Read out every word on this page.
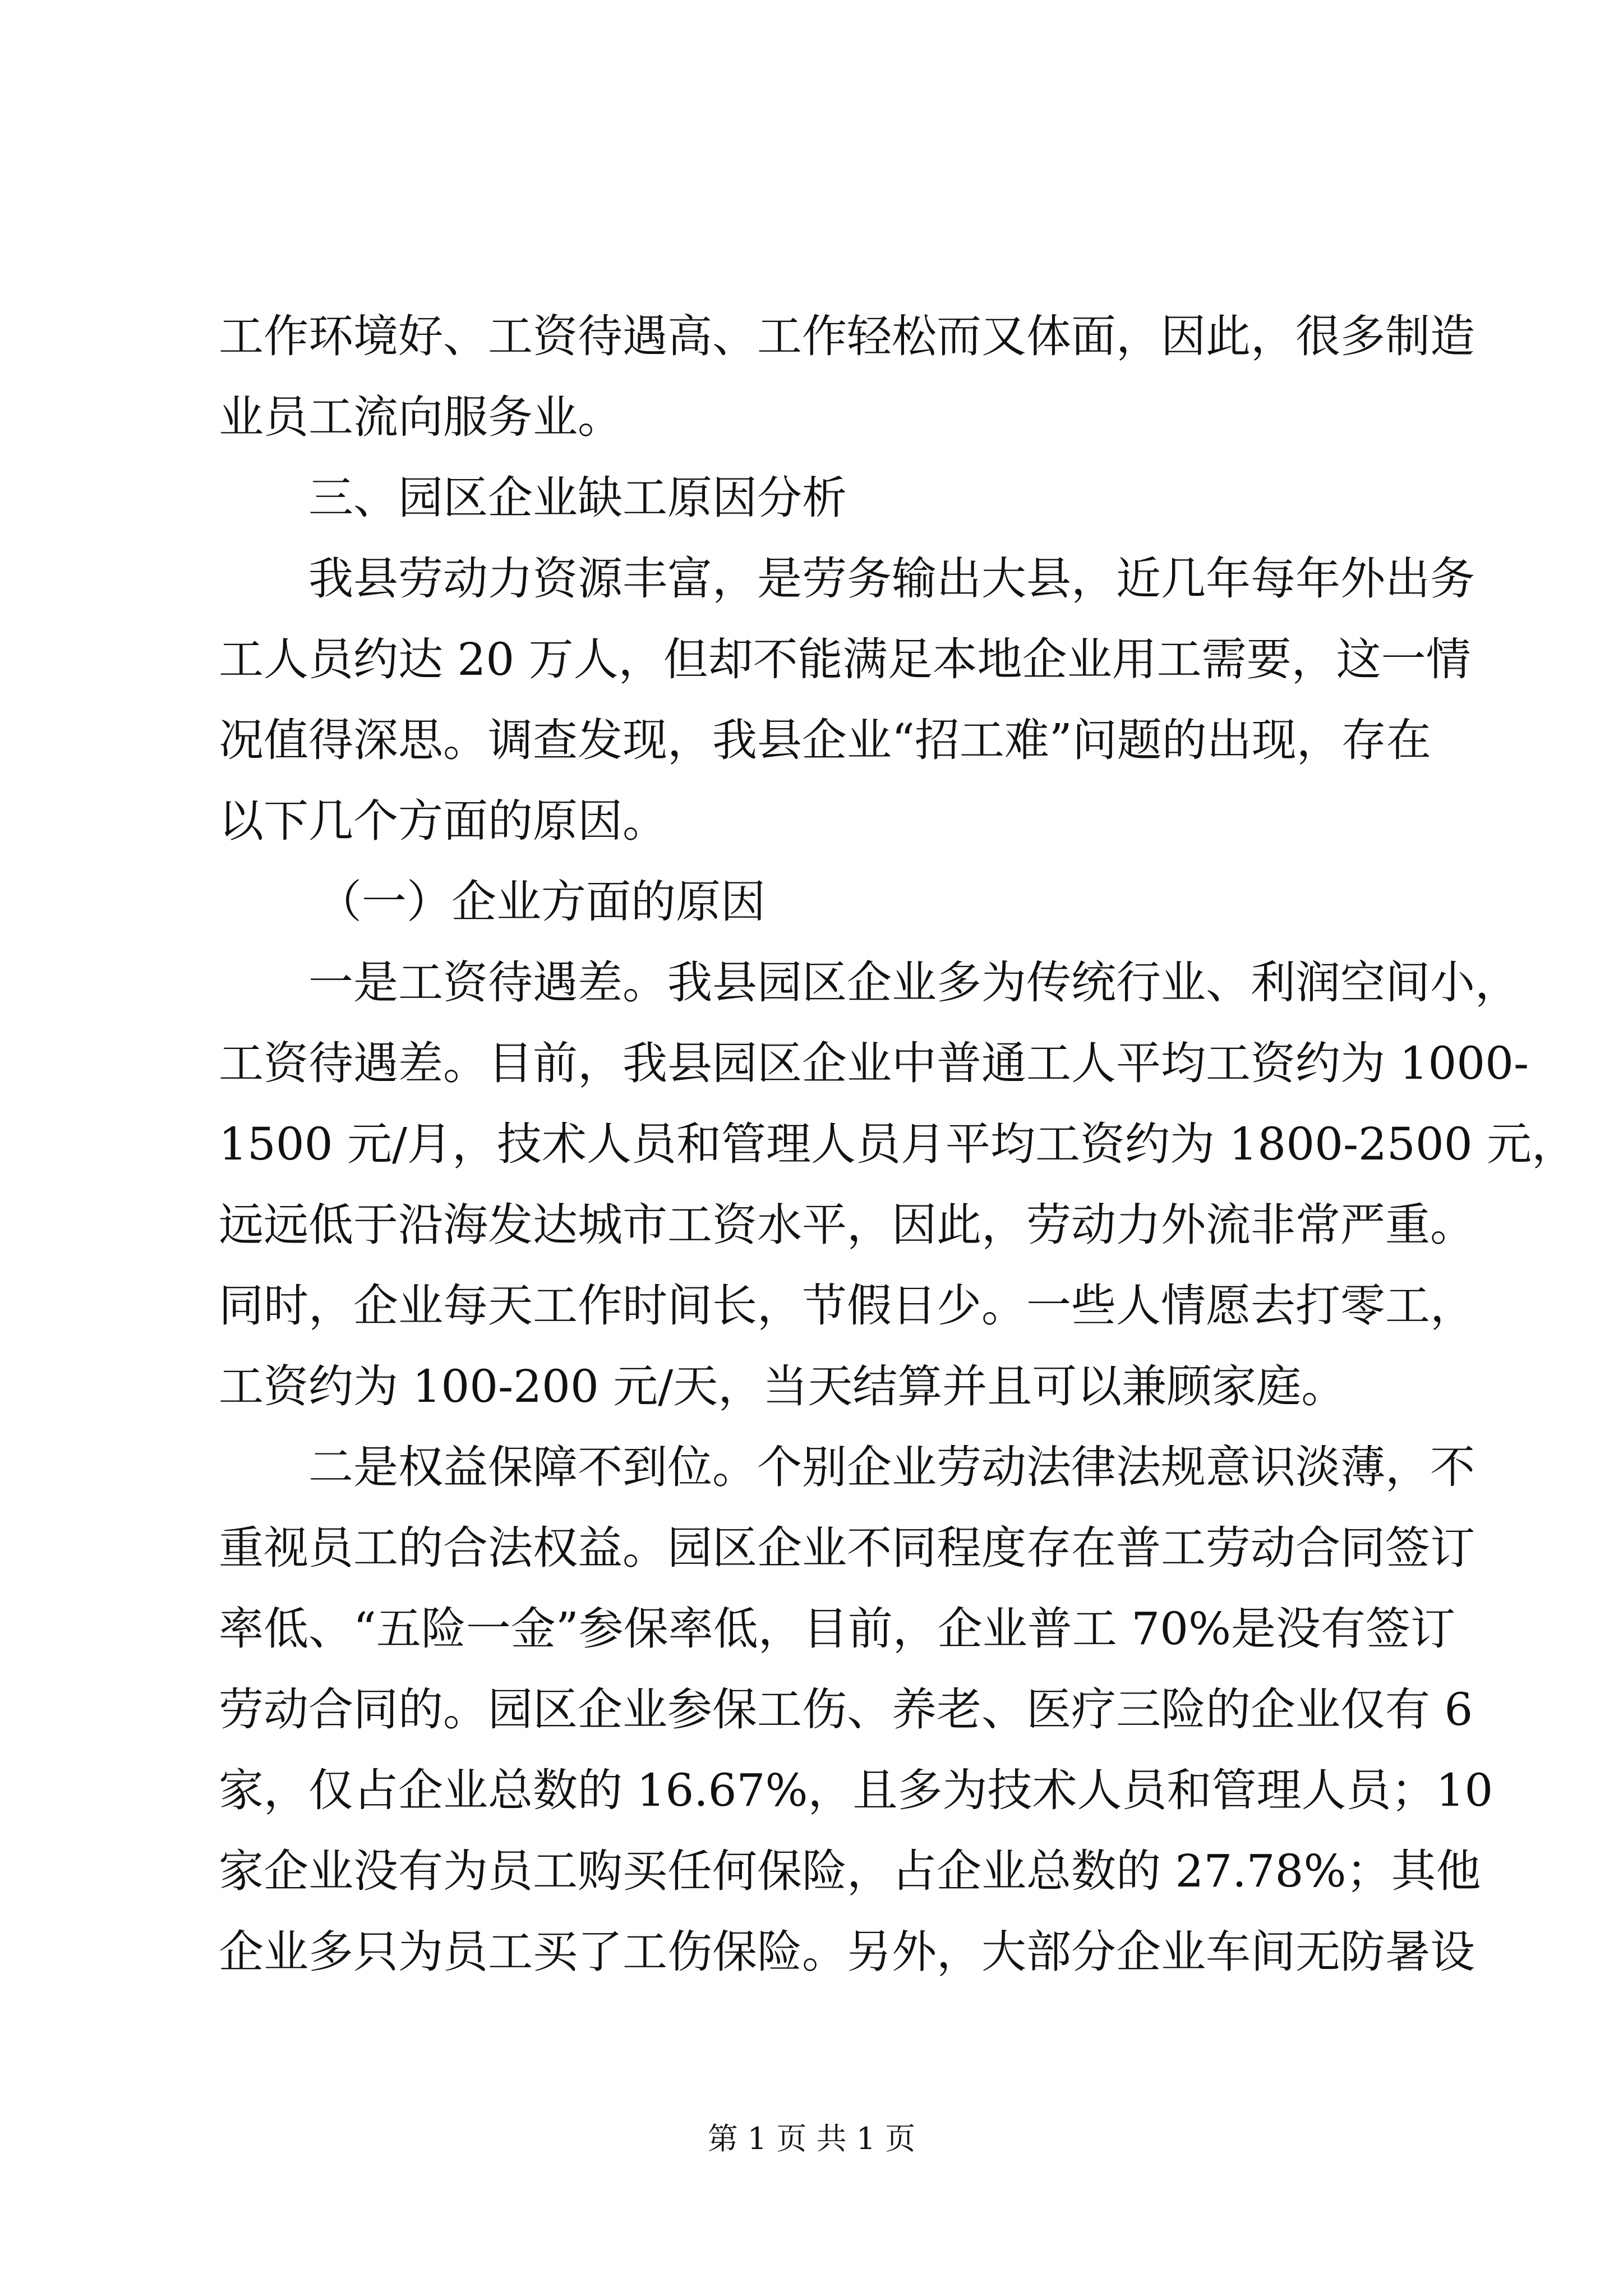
工作环境好、工资待遇高、工作轻松而又体面，因此，很多制造
业员工流向服务业。
三、园区企业缺工原因分析
我县劳动力资源丰富，是劳务输出大县，近几年每年外出务
工人员约达 20 万人，但却不能满足本地企业用工需要，这一情
况值得深思。调查发现，我县企业“招工难”问题的出现，存在
以下几个方面的原因。
（一）企业方面的原因
一是工资待遇差。我县园区企业多为传统行业、利润空间小，
工资待遇差。目前，我县园区企业中普通工人平均工资约为 1000-
1500 元/月，技术人员和管理人员月平均工资约为 1800-2500 元，
远远低于沿海发达城市工资水平，因此，劳动力外流非常严重。
同时，企业每天工作时间长，节假日少。一些人情愿去打零工，
工资约为 100-200 元/天，当天结算并且可以兼顾家庭。
二是权益保障不到位。个别企业劳动法律法规意识淡薄，不
重视员工的合法权益。园区企业不同程度存在普工劳动合同签订
率低、“五险一金”参保率低，目前，企业普工 70%是没有签订
劳动合同的。园区企业参保工伤、养老、医疗三险的企业仅有 6
家，仅占企业总数的 16.67%，且多为技术人员和管理人员；10
家企业没有为员工购买任何保险，占企业总数的 27.78%；其他
企业多只为员工买了工伤保险。另外，大部分企业车间无防暑设
第 1 页 共 1 页
